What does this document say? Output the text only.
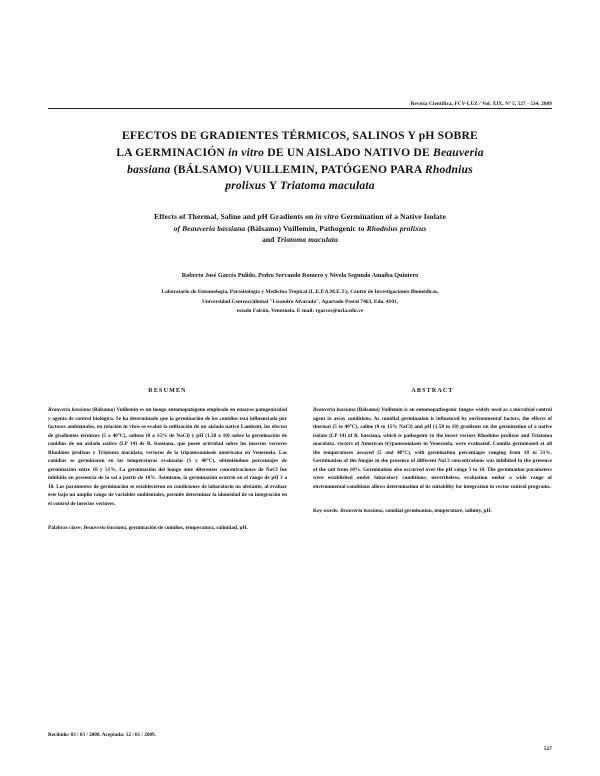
Revista Científica, FCV-LUZ / Vol. XIX, Nº 5, 527 - 534, 2009
EFECTOS DE GRADIENTES TÉRMICOS, SALINOS Y pH SOBRE
LA GERMINACIÓN in vitro DE UN AISLADO NATIVO DE Beauveria
bassiana (BÁLSAMO) VUILLEMIN, PATÓGENO PARA Rhodnius
prolixus Y Triatoma maculata
Effects of Thermal, Saline and pH Gradients on in vitro Germination of a Native Isolate
of Beauveria bassiana (Bálsamo) Vuillemin, Pathogenic to Rhodnius prolixus
and Triatoma maculata
Roberto José Garcés Pulido, Pedro Servando Romero y Nivela Segundo Amaiba Quintero
Laboratorio de Entomología, Parasitología y Medicina Tropical (L.E.P.A.M.E.T.), Centro de Investigaciones Biomédicas,
Universidad Centroccidental "Lisandro Alvarado", Apartado Postal 7463, Edo. 4101,
estado Falcón, Venezuela. E-mail: rgarces@ucla.edu.ve
RESUMEN
Beauveria bassiana (Bálsamo) Vuillemin es un hongo entomopatógeno empleado en ensayos patogenicidad y agente de control biológico. Se ha determinado que la germinación de los conidios está influenciada por factores ambientales, en relación in vitro se evaluó la utilización de un aislado nativo Lambent, los efectos de gradientes térmicos (5 a 40°C), salinos (0 a 15% de NaCl) y pH (1.58 a 10) sobre la germinación de conidios de un aislado nativo (LP 14) de B. bassiana, que posee actividad sobre los insectos vectores Rhodnius prolixus y Triatoma maculata, vectores de la tripanosomiasis americana en Venezuela. Las conidias se germinaron en las temperaturas evaluadas (5 y 40°C), obteniéndose porcentajes de germinación entre 18 y 51%. La germinación del hongo ante diferentes concentraciones de NaCl fue inhibida en presencia de la sal a partir de 10%. Asimismo, la germinación ocurrió en el rango de pH 3 a 10. Los parámetros de germinación se establecieron en condiciones de laboratorio no obstante, al evaluar éste bajo un amplio rango de variables ambientales, permite determinar la idoneidad de su integración en el control de insectos vectores.
Palabras clave: Beauveria bassiana, germinación de conidios, temperatura, salinidad, pH.
ABSTRACT
Beauveria bassiana (Bálsamo) Vuillemin is an entomopathogenic fungus widely used as a microbial control agent in assay conditions. As conidial germination is influenced by environmental factors, the effects of thermal (5 to 40°C), saline (0 to 15% NaCl) and pH (1.58 to 10) gradients on the germination of a native isolate (LP 14) of B. bassiana, which is pathogenic to the insect vectors Rhodnius prolixus and Triatoma maculata, vectors of American trypanosomiasis in Venezuela, were evaluated. Conidia germinated at all the temperatures assayed (5 and 40°C), with germination percentages ranging from 18 to 51%. Germination of the fungus in the presence of different NaCl concentrations was inhibited in the presence of the salt from 10%. Germination also occurred over the pH range 3 to 10. The germination parameters were established under laboratory conditions; nevertheless, evaluation under a wide range of environmental conditions allows determination of its suitability for integration in vector control programs.
Key words: Beauveria bassiana, conidial germination, temperature, salinity, pH.
Recibido: 03 / 03 / 2008. Aceptado: 12 / 01 / 2009.
527
